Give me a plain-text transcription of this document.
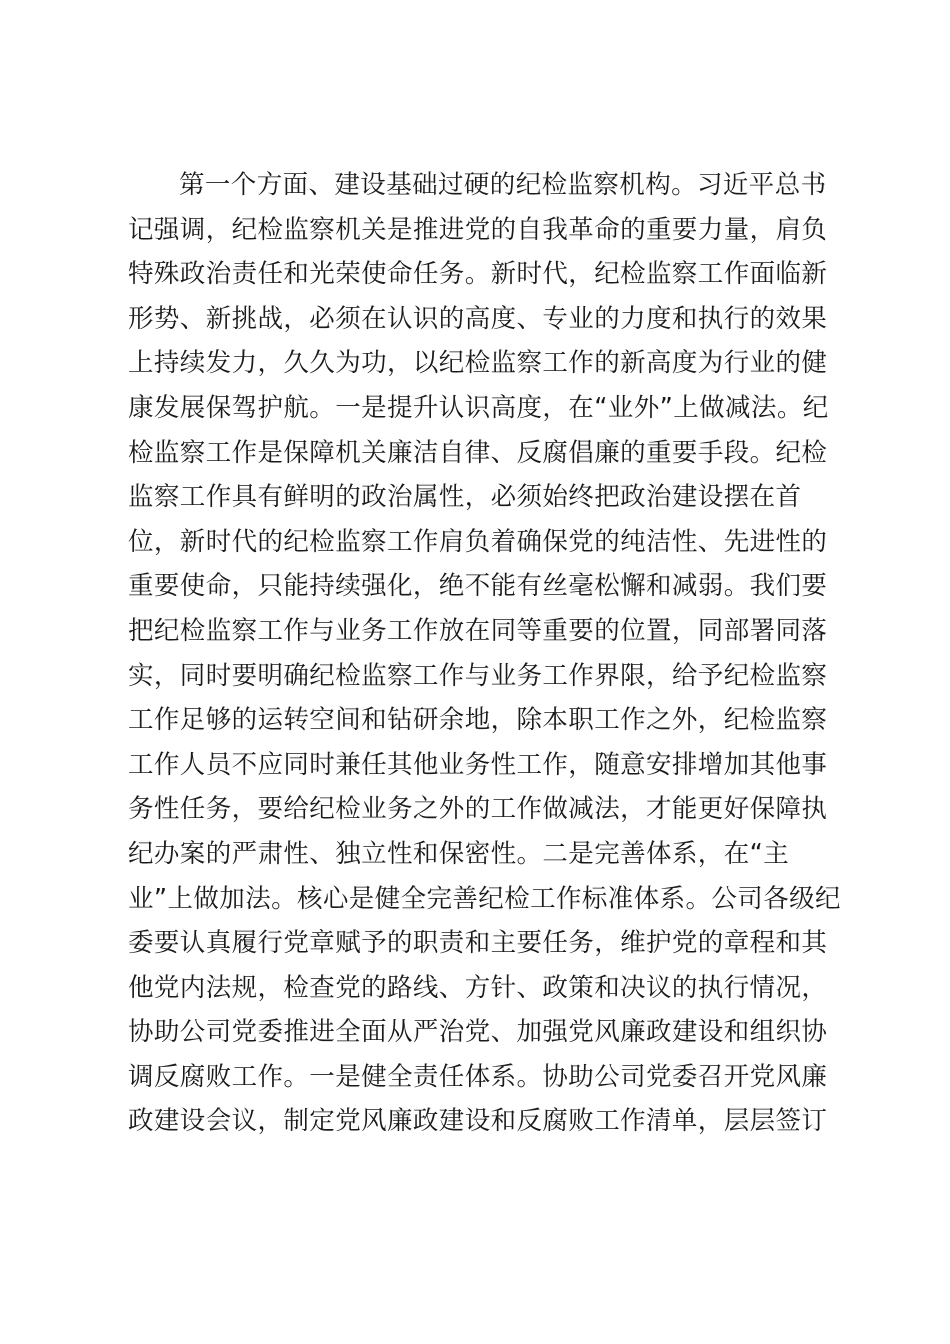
第一个方面、建设基础过硬的纪检监察机构。习近平总书
记强调，纪检监察机关是推进党的自我革命的重要力量，肩负
特殊政治责任和光荣使命任务。新时代，纪检监察工作面临新
形势、新挑战，必须在认识的高度、专业的力度和执行的效果
上持续发力，久久为功，以纪检监察工作的新高度为行业的健
康发展保驾护航。一是提升认识高度，在“业外”上做减法。纪
检监察工作是保障机关廉洁自律、反腐倡廉的重要手段。纪检
监察工作具有鲜明的政治属性，必须始终把政治建设摆在首
位，新时代的纪检监察工作肩负着确保党的纯洁性、先进性的
重要使命，只能持续强化，绝不能有丝毫松懈和减弱。我们要
把纪检监察工作与业务工作放在同等重要的位置，同部署同落
实，同时要明确纪检监察工作与业务工作界限，给予纪检监察
工作足够的运转空间和钻研余地，除本职工作之外，纪检监察
工作人员不应同时兼任其他业务性工作，随意安排增加其他事
务性任务，要给纪检业务之外的工作做减法，才能更好保障执
纪办案的严肃性、独立性和保密性。二是完善体系，在“主
业”上做加法。核心是健全完善纪检工作标准体系。公司各级纪
委要认真履行党章赋予的职责和主要任务，维护党的章程和其
他党内法规，检查党的路线、方针、政策和决议的执行情况，
协助公司党委推进全面从严治党、加强党风廉政建设和组织协
调反腐败工作。一是健全责任体系。协助公司党委召开党风廉
政建设会议，制定党风廉政建设和反腐败工作清单，层层签订
